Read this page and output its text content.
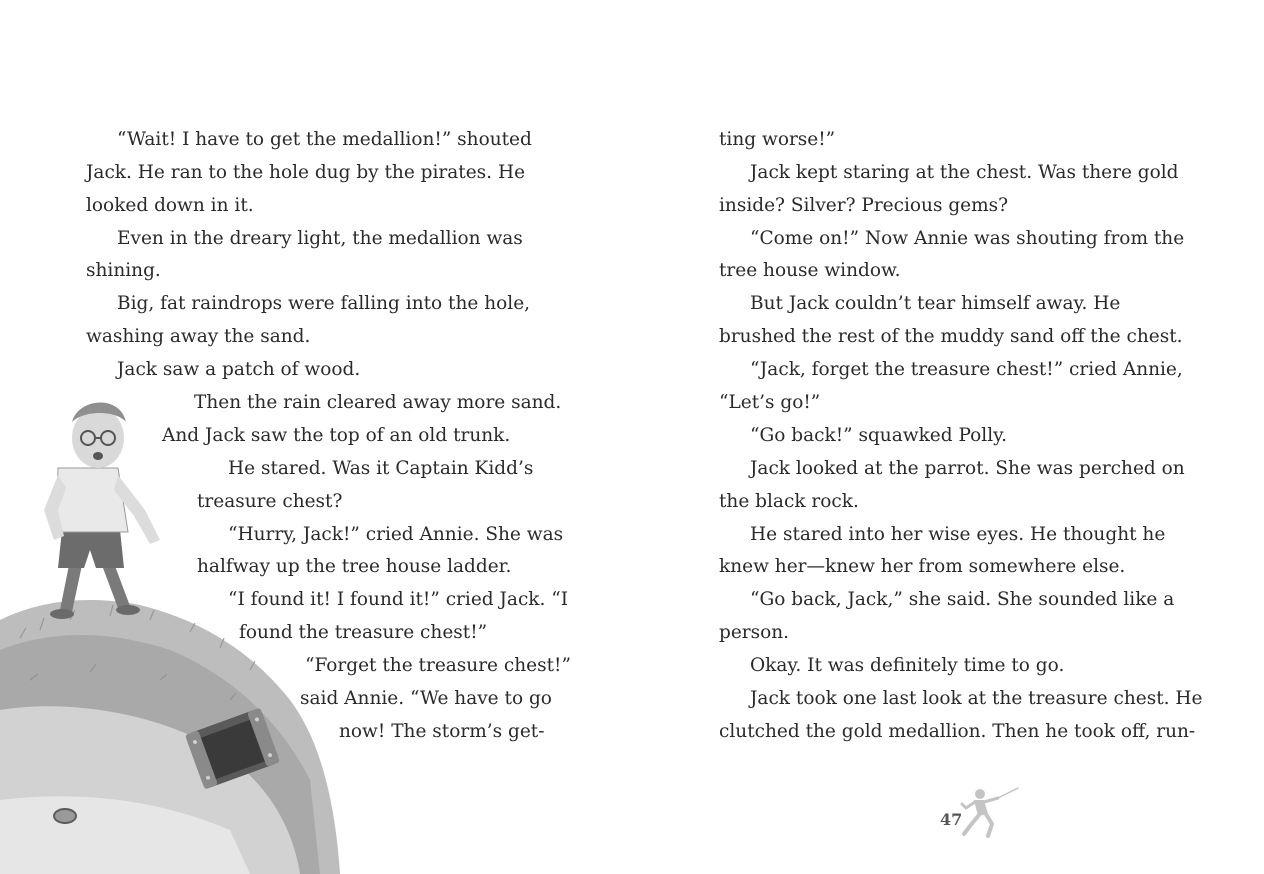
“Wait! I have to get the medallion!” shouted

Jack. He ran to the hole dug by the pirates. He

looked down in it.

Even in the dreary light, the medallion was

shining.

Big, fat raindrops were falling into the hole,

washing away the sand.

Jack saw a patch of wood.

Then the rain cleared away more sand.

And Jack saw the top of an old trunk.

He stared. Was it Captain Kidd’s

treasure chest?

“Hurry, Jack!” cried Annie. She was

halfway up the tree house ladder.

“I found it! I found it!” cried Jack. “I

found the treasure chest!”

“Forget the treasure chest!”

said Annie. “We have to go

now! The storm’s get-

ting worse!”

Jack kept staring at the chest. Was there gold

inside? Silver? Precious gems?

“Come on!” Now Annie was shouting from the

tree house window.

But Jack couldn’t tear himself away. He

brushed the rest of the muddy sand off the chest.

“Jack, forget the treasure chest!” cried Annie,

“Let’s go!”

“Go back!” squawked Polly.

Jack looked at the parrot. She was perched on

the black rock.

He stared into her wise eyes. He thought he

knew her—knew her from somewhere else.

“Go back, Jack,” she said. She sounded like a

person.

Okay. It was definitely time to go.

Jack took one last look at the treasure chest. He

clutched the gold medallion. Then he took off, run-

47
